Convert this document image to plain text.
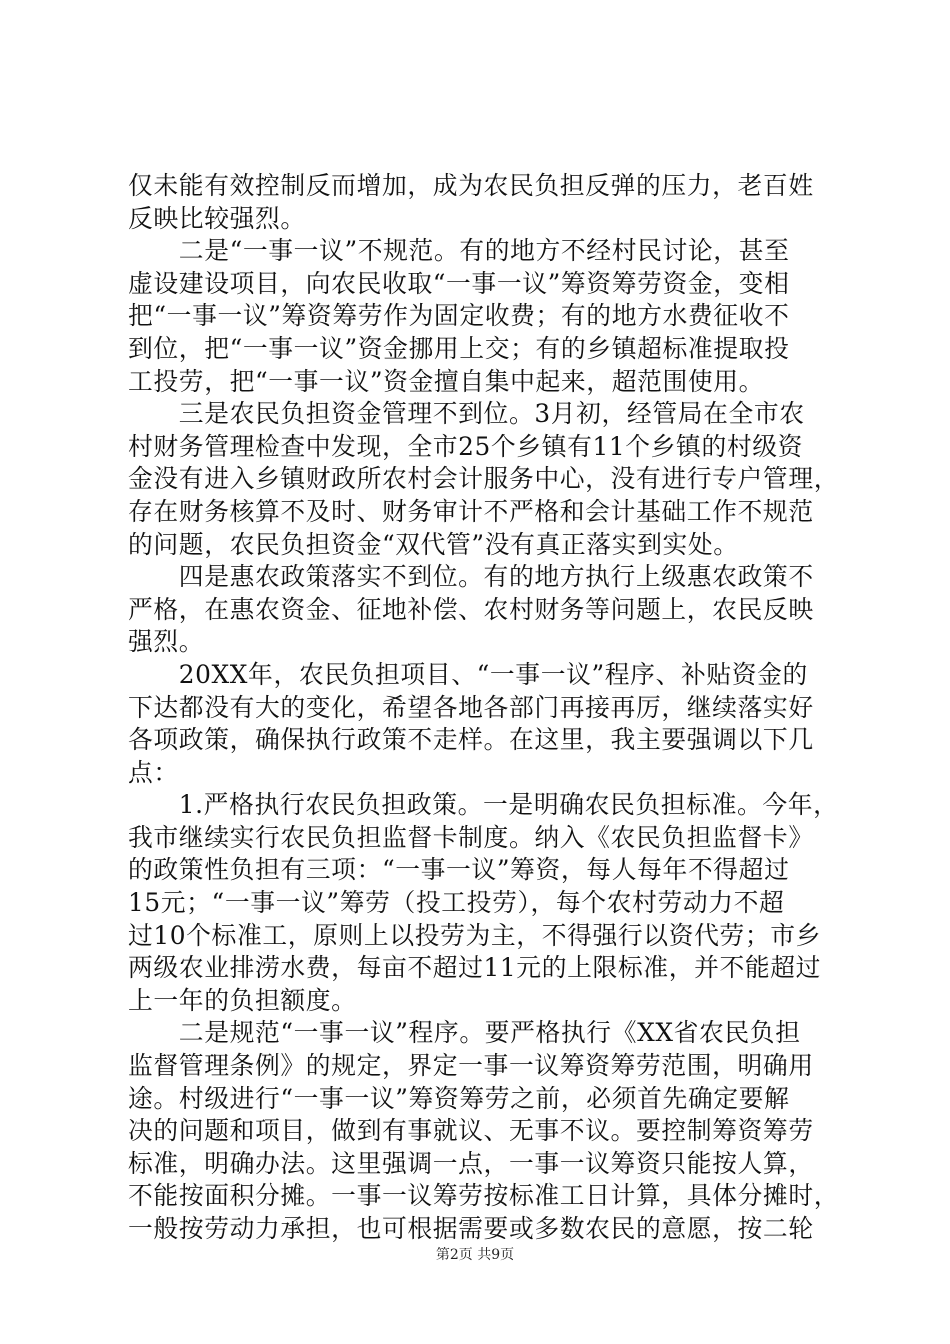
仅未能有效控制反而增加，成为农民负担反弹的压力，老百姓
反映比较强烈。
　　二是“一事一议”不规范。有的地方不经村民讨论，甚至
虚设建设项目，向农民收取“一事一议”筹资筹劳资金，变相
把“一事一议”筹资筹劳作为固定收费；有的地方水费征收不
到位，把“一事一议”资金挪用上交；有的乡镇超标准提取投
工投劳，把“一事一议”资金擅自集中起来，超范围使用。
　　三是农民负担资金管理不到位。3月初，经管局在全市农
村财务管理检查中发现，全市25个乡镇有11个乡镇的村级资
金没有进入乡镇财政所农村会计服务中心，没有进行专户管理，
存在财务核算不及时、财务审计不严格和会计基础工作不规范
的问题，农民负担资金“双代管”没有真正落实到实处。
　　四是惠农政策落实不到位。有的地方执行上级惠农政策不
严格，在惠农资金、征地补偿、农村财务等问题上，农民反映
强烈。
　　20XX年，农民负担项目、“一事一议”程序、补贴资金的
下达都没有大的变化，希望各地各部门再接再厉，继续落实好
各项政策，确保执行政策不走样。在这里，我主要强调以下几
点：
　　1.严格执行农民负担政策。一是明确农民负担标准。今年，
我市继续实行农民负担监督卡制度。纳入《农民负担监督卡》
的政策性负担有三项：“一事一议”筹资，每人每年不得超过
15元；“一事一议”筹劳（投工投劳），每个农村劳动力不超
过10个标准工，原则上以投劳为主，不得强行以资代劳；市乡
两级农业排涝水费，每亩不超过11元的上限标准，并不能超过
上一年的负担额度。
　　二是规范“一事一议”程序。要严格执行《XX省农民负担
监督管理条例》的规定，界定一事一议筹资筹劳范围，明确用
途。村级进行“一事一议”筹资筹劳之前，必须首先确定要解
决的问题和项目，做到有事就议、无事不议。要控制筹资筹劳
标准，明确办法。这里强调一点，一事一议筹资只能按人算，
不能按面积分摊。一事一议筹劳按标准工日计算，具体分摊时，
一般按劳动力承担，也可根据需要或多数农民的意愿，按二轮
第2页 共9页
